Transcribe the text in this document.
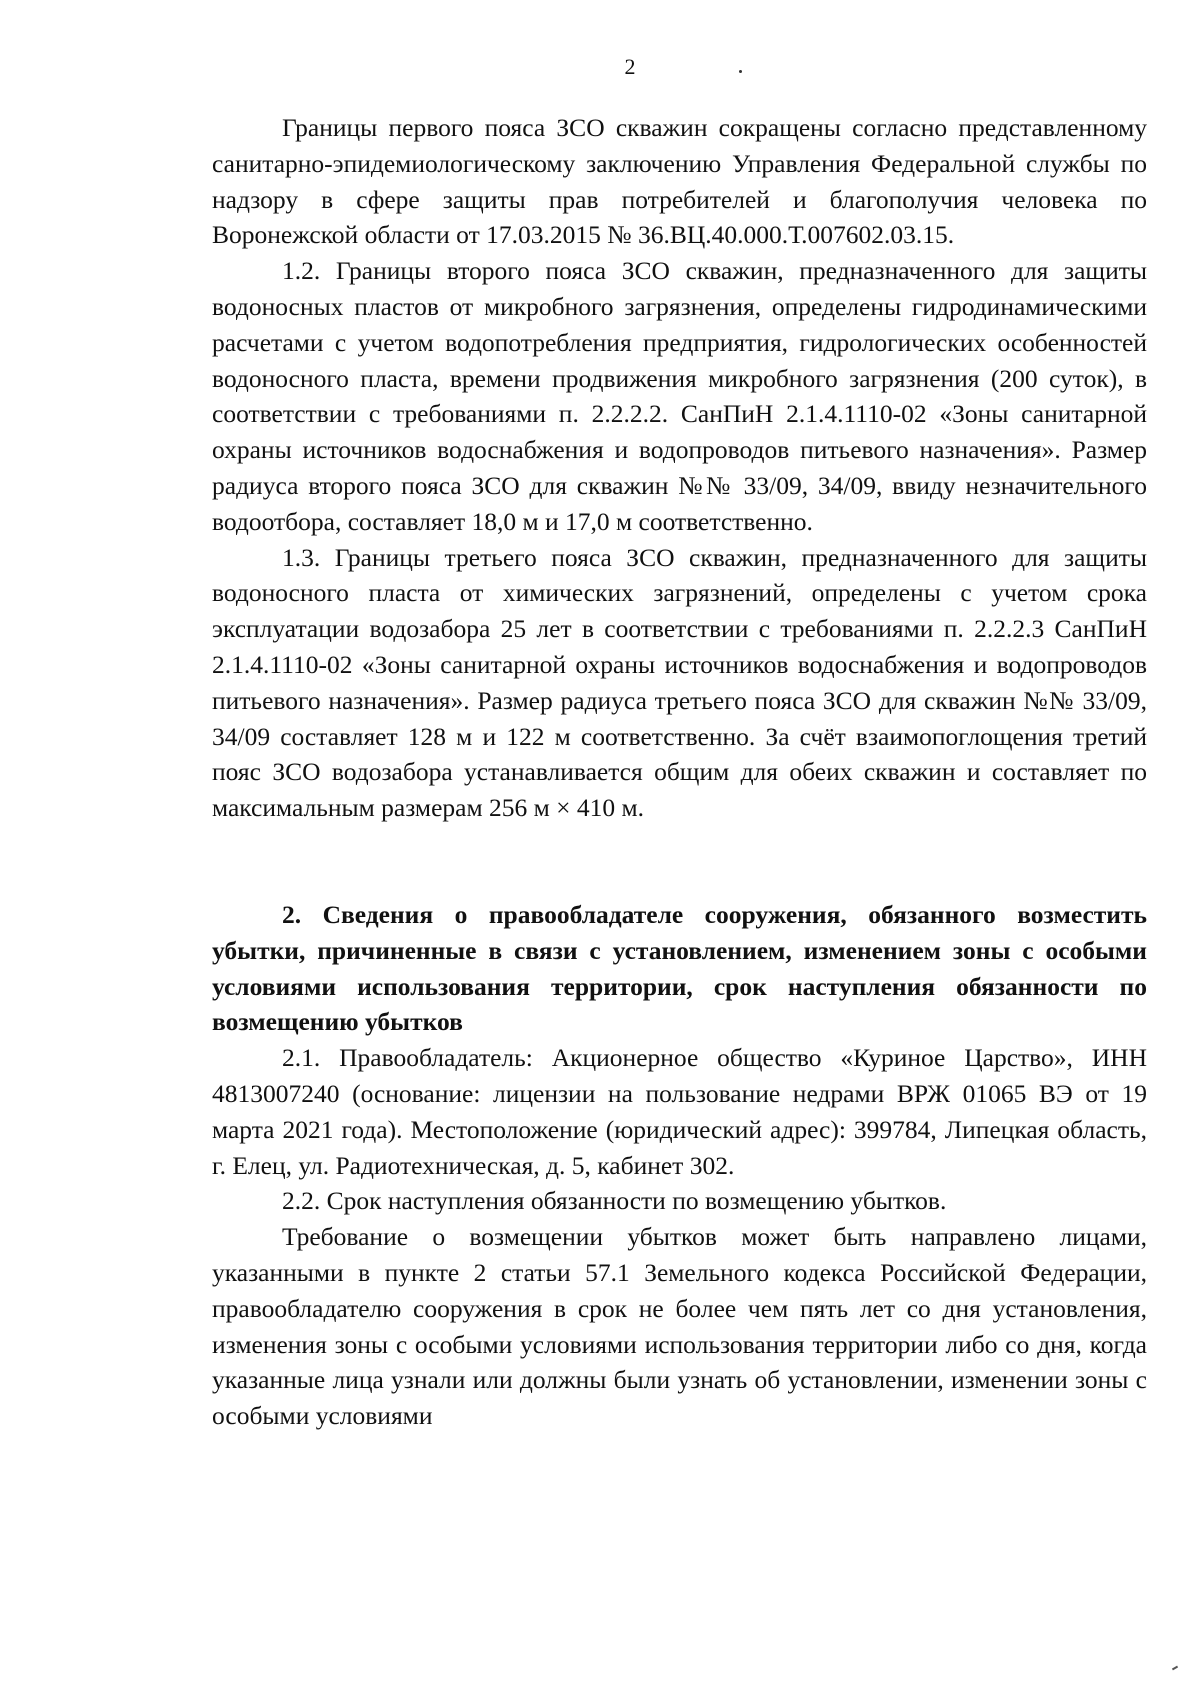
2

Границы первого пояса ЗСО скважин сокращены согласно представленному санитарно-эпидемиологическому заключению Управления Федеральной службы по надзору в сфере защиты прав потребителей и благополучия человека по Воронежской области от 17.03.2015 № 36.ВЦ.40.000.Т.007602.03.15.

1.2. Границы второго пояса ЗСО скважин, предназначенного для защиты водоносных пластов от микробного загрязнения, определены гидродинамическими расчетами с учетом водопотребления предприятия, гидрологических особенностей водоносного пласта, времени продвижения микробного загрязнения (200 суток), в соответствии с требованиями п. 2.2.2.2. СанПиН 2.1.4.1110-02 «Зоны санитарной охраны источников водоснабжения и водопроводов питьевого назначения». Размер радиуса второго пояса ЗСО для скважин №№ 33/09, 34/09, ввиду незначительного водоотбора, составляет 18,0 м и 17,0 м соответственно.

1.3. Границы третьего пояса ЗСО скважин, предназначенного для защиты водоносного пласта от химических загрязнений, определены с учетом срока эксплуатации водозабора 25 лет в соответствии с требованиями п. 2.2.2.3 СанПиН 2.1.4.1110-02 «Зоны санитарной охраны источников водоснабжения и водопроводов питьевого назначения». Размер радиуса третьего пояса ЗСО для скважин №№ 33/09, 34/09 составляет 128 м и 122 м соответственно. За счёт взаимопоглощения третий пояс ЗСО водозабора устанавливается общим для обеих скважин и составляет по максимальным размерам 256 м × 410 м.

2. Сведения о правообладателе сооружения, обязанного возместить убытки, причиненные в связи с установлением, изменением зоны с особыми условиями использования территории, срок наступления обязанности по возмещению убытков

2.1. Правообладатель: Акционерное общество «Куриное Царство», ИНН 4813007240 (основание: лицензии на пользование недрами ВРЖ 01065 ВЭ от 19 марта 2021 года). Местоположение (юридический адрес): 399784, Липецкая область, г. Елец, ул. Радиотехническая, д. 5, кабинет 302.

2.2. Срок наступления обязанности по возмещению убытков.

Требование о возмещении убытков может быть направлено лицами, указанными в пункте 2 статьи 57.1 Земельного кодекса Российской Федерации, правообладателю сооружения в срок не более чем пять лет со дня установления, изменения зоны с особыми условиями использования территории либо со дня, когда указанные лица узнали или должны были узнать об установлении, изменении зоны с особыми условиями
